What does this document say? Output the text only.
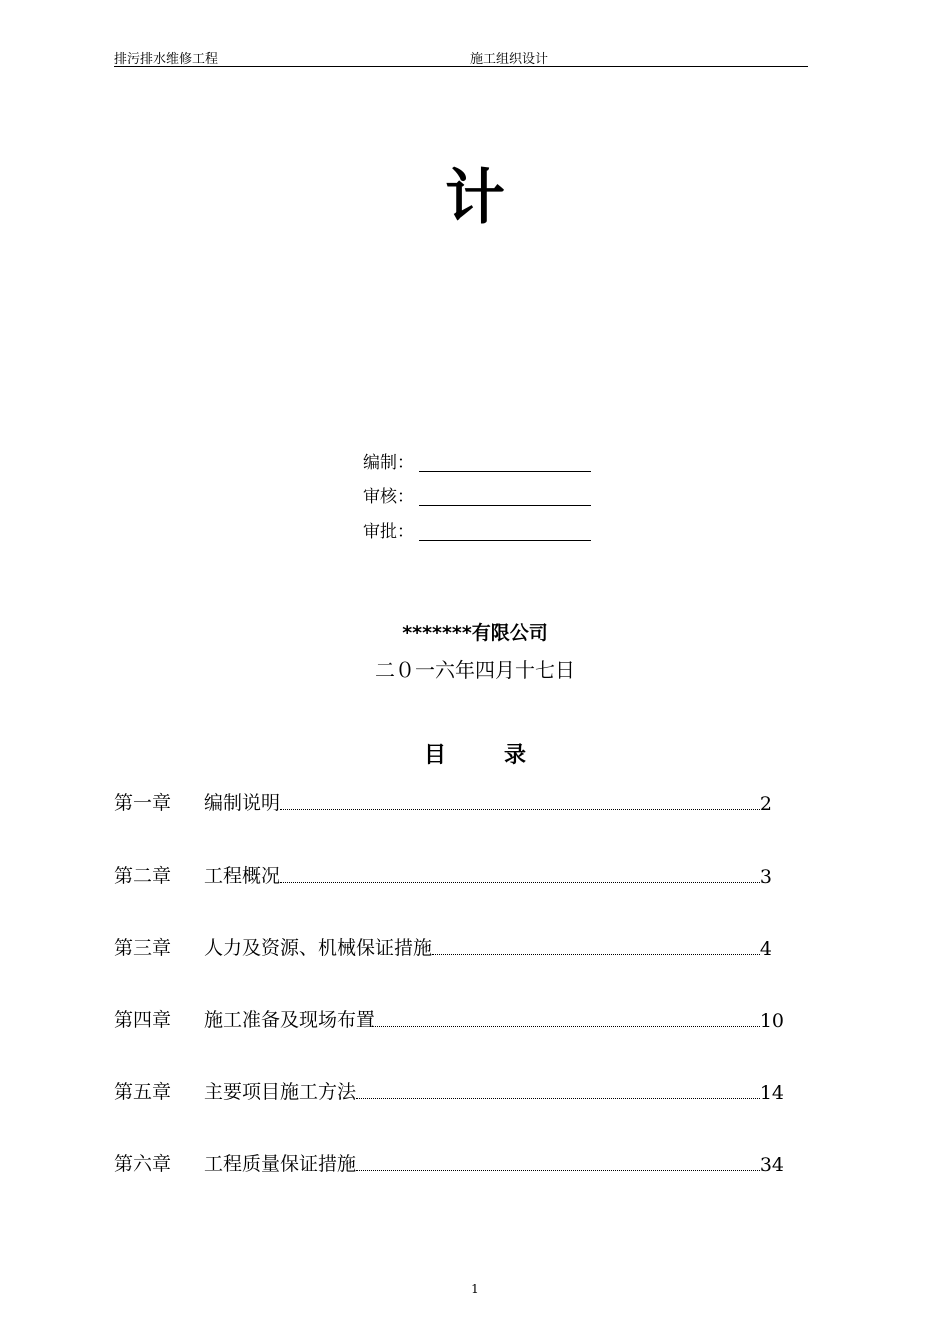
排污排水维修工程	施工组织设计
计
编制：
审核：
审批：
*******有限公司
二０一六年四月十七日
目	录
第一章	编制说明	2
第二章	工程概况	3
第三章	人力及资源、机械保证措施	4
第四章	施工准备及现场布置	10
第五章	主要项目施工方法	14
第六章	工程质量保证措施	34
1
